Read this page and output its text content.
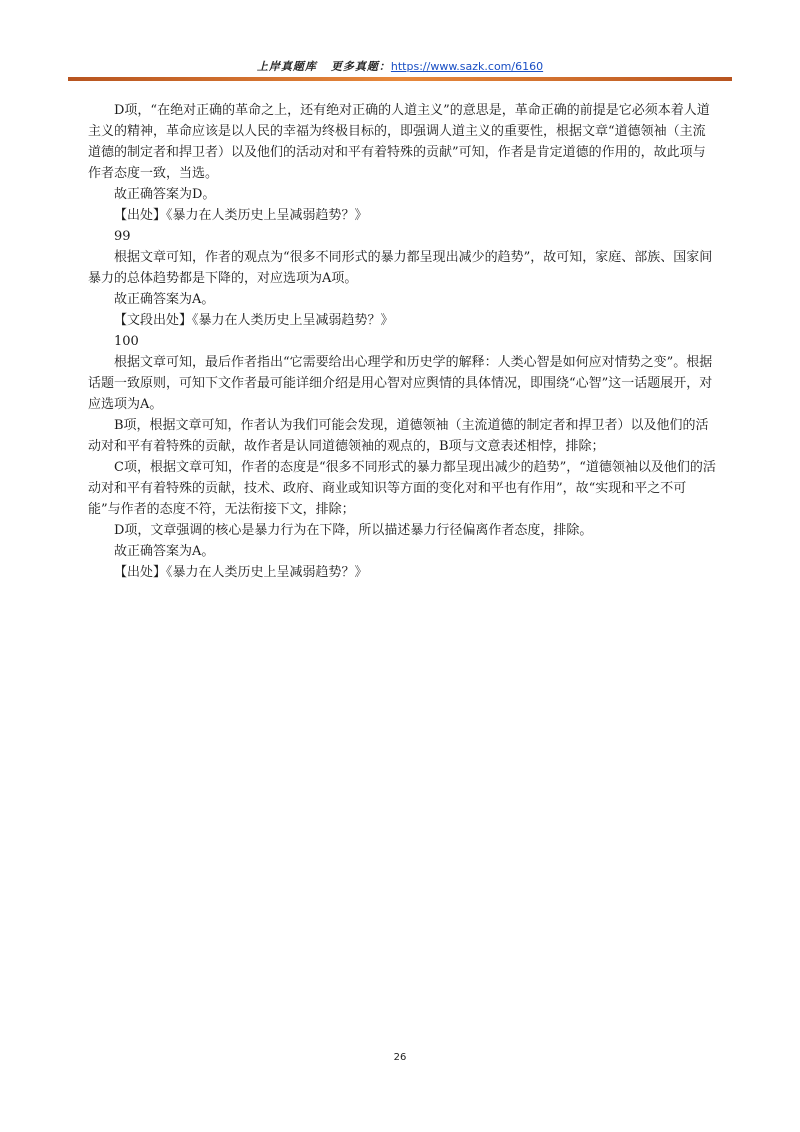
上岸真题库 更多真题：https://www.sazk.com/6160

D项，“在绝对正确的革命之上，还有绝对正确的人道主义”的意思是，革命正确的前提是它必须本着人道主义的精神，革命应该是以人民的幸福为终极目标的，即强调人道主义的重要性，根据文章“道德领袖（主流道德的制定者和捍卫者）以及他们的活动对和平有着特殊的贡献”可知，作者是肯定道德的作用的，故此项与作者态度一致，当选。

故正确答案为D。

【出处】《暴力在人类历史上呈减弱趋势？》

99

根据文章可知，作者的观点为“很多不同形式的暴力都呈现出减少的趋势”，故可知，家庭、部族、国家间暴力的总体趋势都是下降的，对应选项为A项。

故正确答案为A。

【文段出处】《暴力在人类历史上呈减弱趋势？》

100

根据文章可知，最后作者指出“它需要给出心理学和历史学的解释：人类心智是如何应对情势之变”。根据话题一致原则，可知下文作者最可能详细介绍是用心智对应舆情的具体情况，即围绕“心智”这一话题展开，对应选项为A。

B项，根据文章可知，作者认为我们可能会发现，道德领袖（主流道德的制定者和捍卫者）以及他们的活动对和平有着特殊的贡献，故作者是认同道德领袖的观点的，B项与文意表述相悖，排除；

C项，根据文章可知，作者的态度是“很多不同形式的暴力都呈现出减少的趋势”，“道德领袖以及他们的活动对和平有着特殊的贡献，技术、政府、商业或知识等方面的变化对和平也有作用”，故“实现和平之不可能”与作者的态度不符，无法衔接下文，排除；

D项，文章强调的核心是暴力行为在下降，所以描述暴力行径偏离作者态度，排除。

故正确答案为A。

【出处】《暴力在人类历史上呈减弱趋势？》

26
